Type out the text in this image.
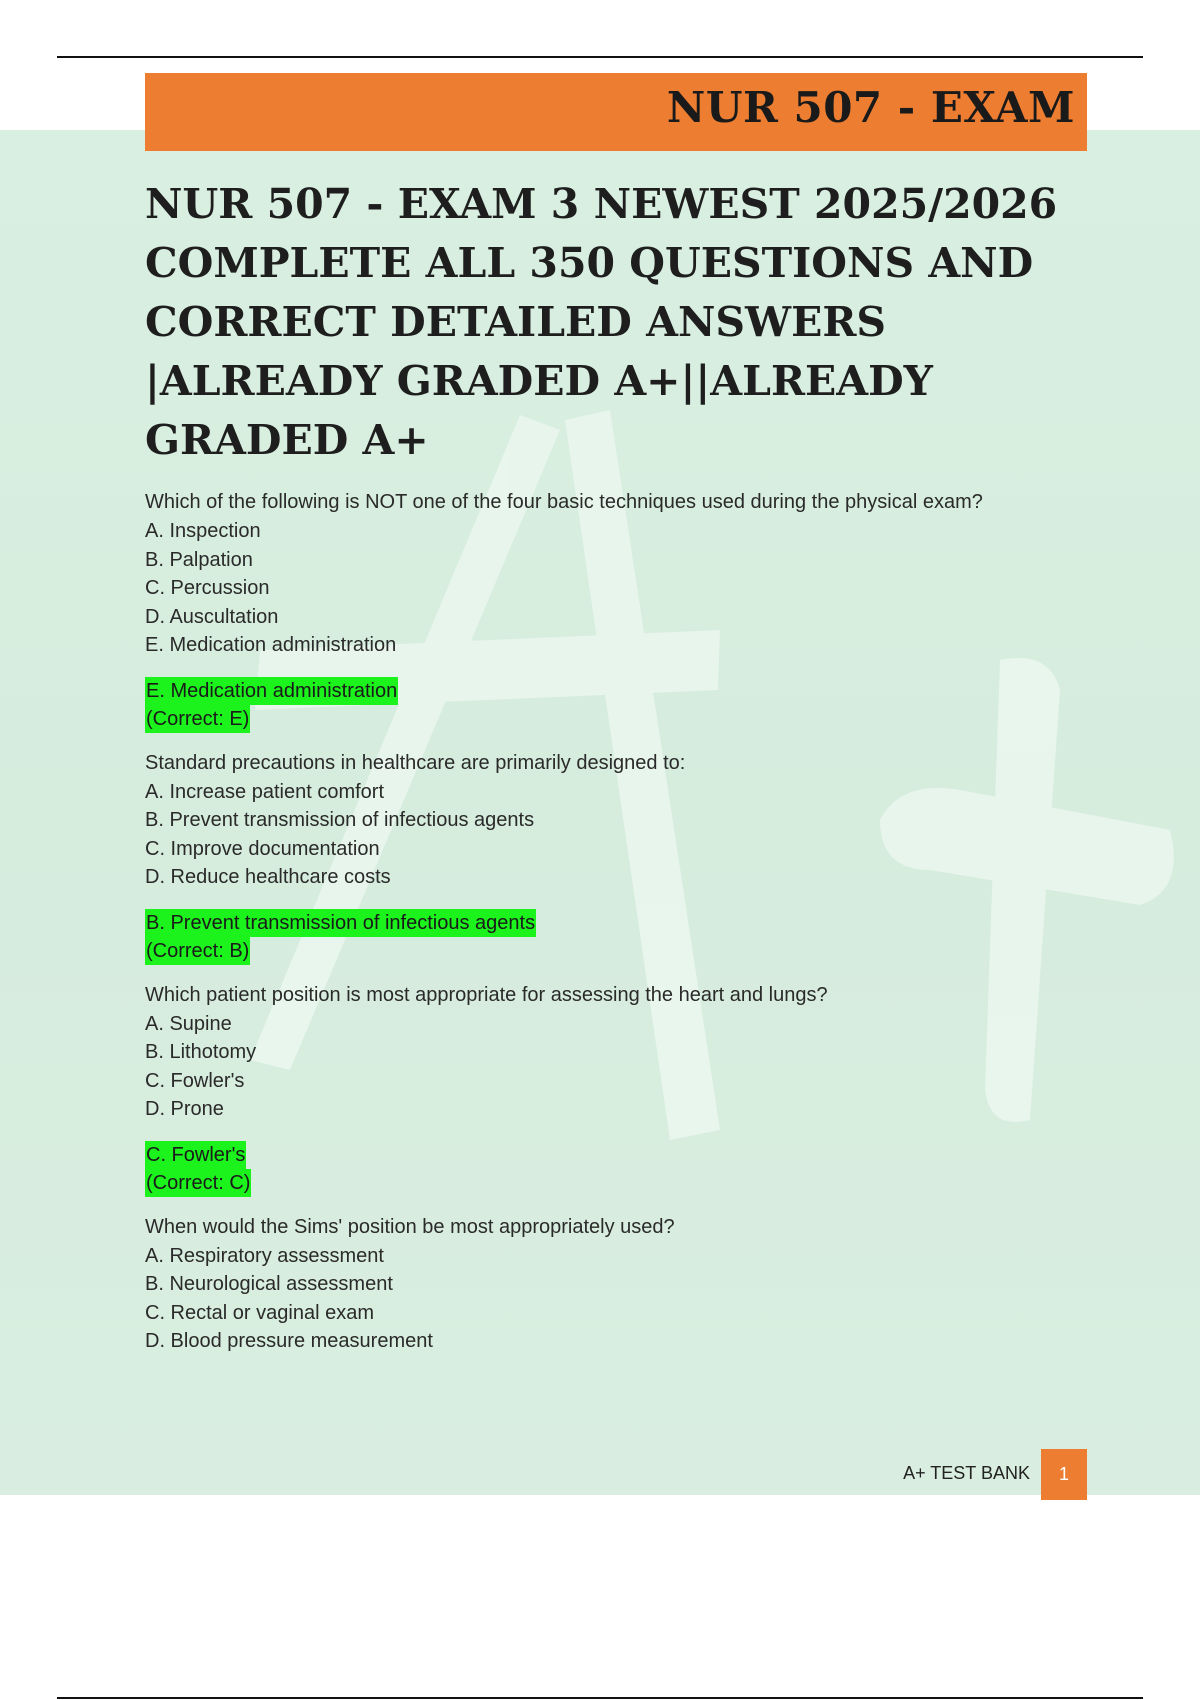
NUR 507 - EXAM
NUR 507 - EXAM 3 NEWEST 2025/2026 COMPLETE ALL 350 QUESTIONS AND CORRECT DETAILED ANSWERS |ALREADY GRADED A+||ALREADY GRADED A+
Which of the following is NOT one of the four basic techniques used during the physical exam?
A. Inspection
B. Palpation
C. Percussion
D. Auscultation
E. Medication administration
E. Medication administration
(Correct: E)
Standard precautions in healthcare are primarily designed to:
A. Increase patient comfort
B. Prevent transmission of infectious agents
C. Improve documentation
D. Reduce healthcare costs
B. Prevent transmission of infectious agents
(Correct: B)
Which patient position is most appropriate for assessing the heart and lungs?
A. Supine
B. Lithotomy
C. Fowler's
D. Prone
C. Fowler's
(Correct: C)
When would the Sims' position be most appropriately used?
A. Respiratory assessment
B. Neurological assessment
C. Rectal or vaginal exam
D. Blood pressure measurement
A+ TEST BANK	1
